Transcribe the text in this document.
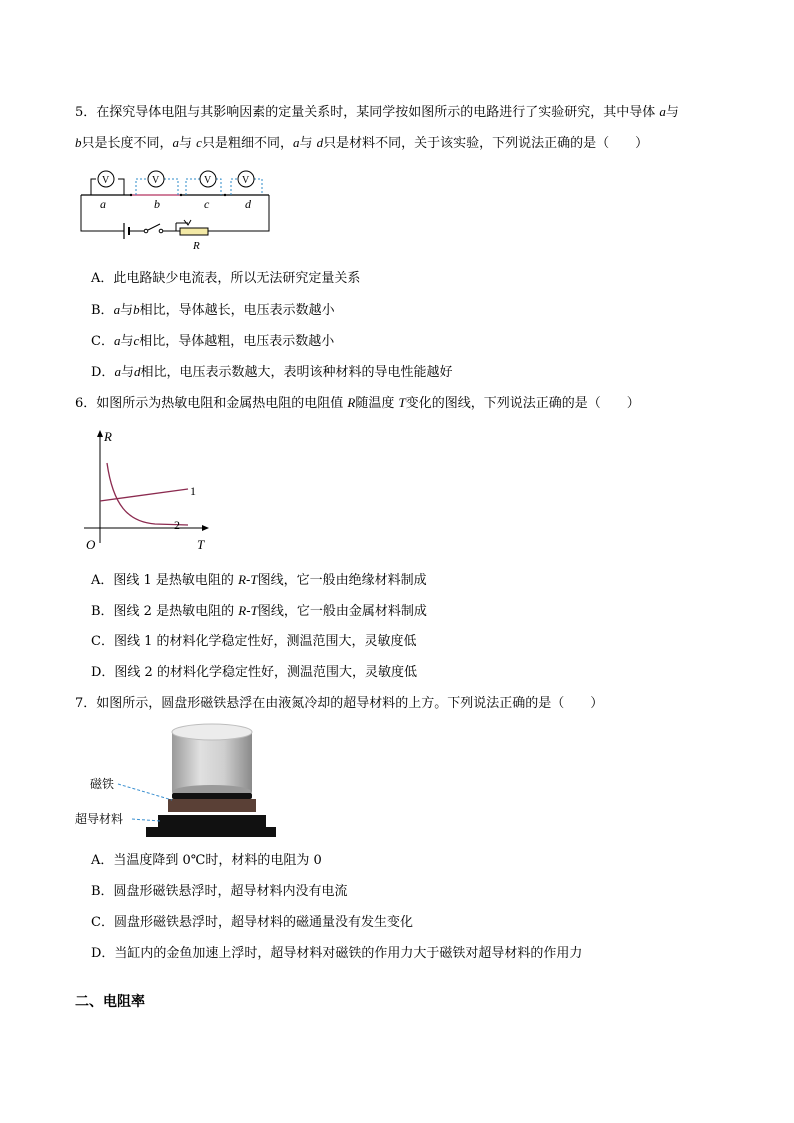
5．在探究导体电阻与其影响因素的定量关系时，某同学按如图所示的电路进行了实验研究，其中导体 a与
b只是长度不同，a与 c只是粗细不同，a与 d只是材料不同，关于该实验，下列说法正确的是（　　）
R
V	V	V	V
a	b	c	d
A．此电路缺少电流表，所以无法研究定量关系
B．a与b相比，导体越长，电压表示数越小
C．a与c相比，导体越粗，电压表示数越小
D．a与d相比，电压表示数越大，表明该种材料的导电性能越好
6．如图所示为热敏电阻和金属热电阻的电阻值 R随温度 T变化的图线，下列说法正确的是（　　）
R
T
O
1
2
A．图线 1 是热敏电阻的 R-T图线，它一般由绝缘材料制成
B．图线 2 是热敏电阻的 R-T图线，它一般由金属材料制成
C．图线 1 的材料化学稳定性好，测温范围大，灵敏度低
D．图线 2 的材料化学稳定性好，测温范围大，灵敏度低
7．如图所示，圆盘形磁铁悬浮在由液氮冷却的超导材料的上方。下列说法正确的是（　　）
磁铁
超导材料
A．当温度降到 0℃时，材料的电阻为 0
B．圆盘形磁铁悬浮时，超导材料内没有电流
C．圆盘形磁铁悬浮时，超导材料的磁通量没有发生变化
D．当缸内的金鱼加速上浮时，超导材料对磁铁的作用力大于磁铁对超导材料的作用力
二、电阻率
